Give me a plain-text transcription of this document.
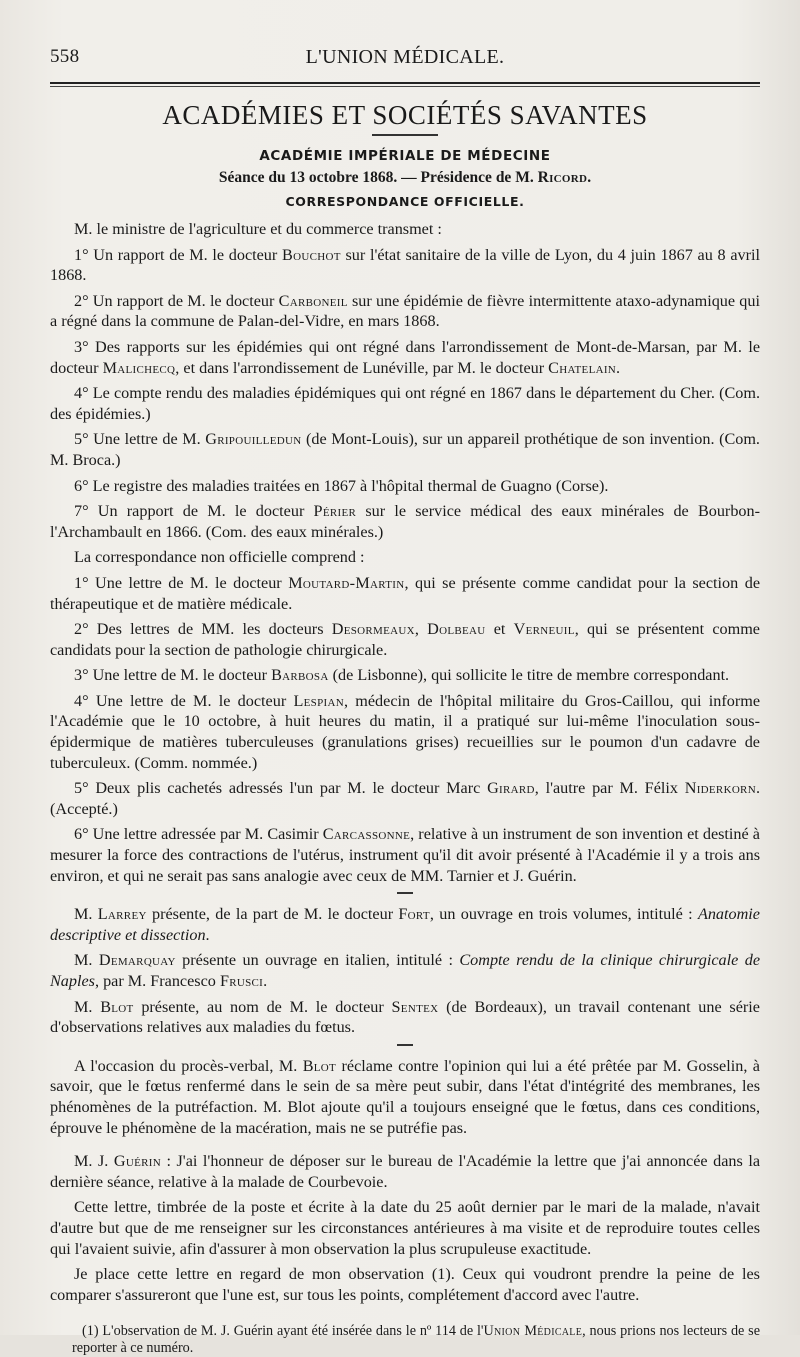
558	L'UNION MÉDICALE.
ACADÉMIES ET SOCIÉTÉS SAVANTES
ACADÉMIE IMPÉRIALE DE MÉDECINE
Séance du 13 octobre 1868. — Présidence de M. Ricord.
CORRESPONDANCE OFFICIELLE.

M. le ministre de l'agriculture et du commerce transmet :

1° Un rapport de M. le docteur Bouchot sur l'état sanitaire de la ville de Lyon, du 4 juin 1867 au 8 avril 1868.

2° Un rapport de M. le docteur Carboneil sur une épidémie de fièvre intermittente ataxo-adynamique qui a régné dans la commune de Palan-del-Vidre, en mars 1868.

3° Des rapports sur les épidémies qui ont régné dans l'arrondissement de Mont-de-Marsan, par M. le docteur Malichecq, et dans l'arrondissement de Lunéville, par M. le docteur Chatelain.

4° Le compte rendu des maladies épidémiques qui ont régné en 1867 dans le département du Cher. (Com. des épidémies.)

5° Une lettre de M. Gripouilledun (de Mont-Louis), sur un appareil prothétique de son invention. (Com. M. Broca.)

6° Le registre des maladies traitées en 1867 à l'hôpital thermal de Guagno (Corse).

7° Un rapport de M. le docteur Périer sur le service médical des eaux minérales de Bourbon-l'Archambault en 1866. (Com. des eaux minérales.)

La correspondance non officielle comprend :

1° Une lettre de M. le docteur Moutard-Martin, qui se présente comme candidat pour la section de thérapeutique et de matière médicale.

2° Des lettres de MM. les docteurs Desormeaux, Dolbeau et Verneuil, qui se présentent comme candidats pour la section de pathologie chirurgicale.

3° Une lettre de M. le docteur Barbosa (de Lisbonne), qui sollicite le titre de membre correspondant.

4° Une lettre de M. le docteur Lespian, médecin de l'hôpital militaire du Gros-Caillou, qui informe l'Académie que le 10 octobre, à huit heures du matin, il a pratiqué sur lui-même l'inoculation sous-épidermique de matières tuberculeuses (granulations grises) recueillies sur le poumon d'un cadavre de tuberculeux. (Comm. nommée.)

5° Deux plis cachetés adressés l'un par M. le docteur Marc Girard, l'autre par M. Félix Niderkorn. (Accepté.)

6° Une lettre adressée par M. Casimir Carcassonne, relative à un instrument de son invention et destiné à mesurer la force des contractions de l'utérus, instrument qu'il dit avoir présenté à l'Académie il y a trois ans environ, et qui ne serait pas sans analogie avec ceux de MM. Tarnier et J. Guérin.

M. Larrey présente, de la part de M. le docteur Fort, un ouvrage en trois volumes, intitulé : Anatomie descriptive et dissection.

M. Demarquay présente un ouvrage en italien, intitulé : Compte rendu de la clinique chirurgicale de Naples, par M. Francesco Frusci.

M. Blot présente, au nom de M. le docteur Sentex (de Bordeaux), un travail contenant une série d'observations relatives aux maladies du fœtus.

A l'occasion du procès-verbal, M. Blot réclame contre l'opinion qui lui a été prêtée par M. Gosselin, à savoir, que le fœtus renfermé dans le sein de sa mère peut subir, dans l'état d'intégrité des membranes, les phénomènes de la putréfaction. M. Blot ajoute qu'il a toujours enseigné que le fœtus, dans ces conditions, éprouve le phénomène de la macération, mais ne se putréfie pas.

M. J. Guérin : J'ai l'honneur de déposer sur le bureau de l'Académie la lettre que j'ai annoncée dans la dernière séance, relative à la malade de Courbevoie.

Cette lettre, timbrée de la poste et écrite à la date du 25 août dernier par le mari de la malade, n'avait d'autre but que de me renseigner sur les circonstances antérieures à ma visite et de reproduire toutes celles qui l'avaient suivie, afin d'assurer à mon observation la plus scrupuleuse exactitude.

Je place cette lettre en regard de mon observation (1). Ceux qui voudront prendre la peine de les comparer s'assureront que l'une est, sur tous les points, complétement d'accord avec l'autre.

(1) L'observation de M. J. Guérin ayant été insérée dans le nº 114 de l'Union Médicale, nous prions nos lecteurs de se reporter à ce numéro.
